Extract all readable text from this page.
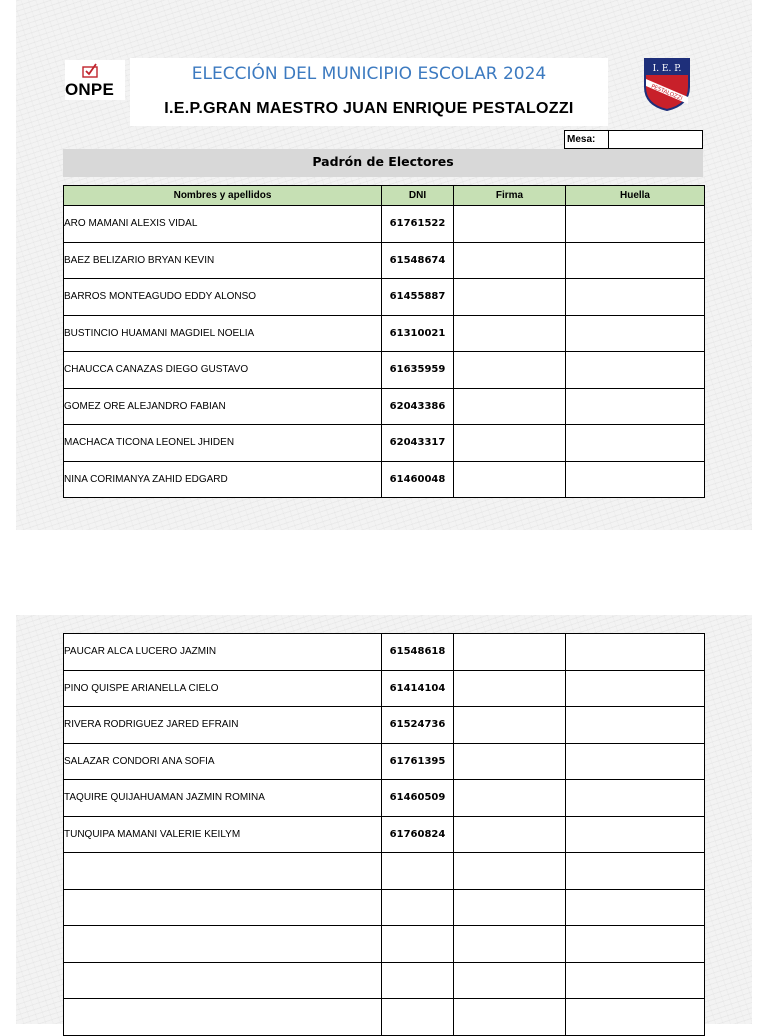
ONPE
ELECCIÓN DEL MUNICIPIO ESCOLAR 2024
I.E.P.GRAN MAESTRO JUAN ENRIQUE PESTALOZZI
I. E. P.
PESTALOZZI
Mesa:
Padrón de Electores
Nombres y apellidos	DNI	Firma	Huella
ARO MAMANI ALEXIS VIDAL	61761522		
BAEZ BELIZARIO BRYAN KEVIN	61548674		
BARROS MONTEAGUDO EDDY ALONSO	61455887		
BUSTINCIO HUAMANI MAGDIEL NOELIA	61310021		
CHAUCCA CANAZAS DIEGO GUSTAVO	61635959		
GOMEZ ORE ALEJANDRO FABIAN	62043386		
MACHACA TICONA LEONEL JHIDEN	62043317		
NINA CORIMANYA ZAHID EDGARD	61460048		
PAUCAR ALCA LUCERO JAZMIN	61548618		
PINO QUISPE ARIANELLA CIELO	61414104		
RIVERA RODRIGUEZ JARED EFRAIN	61524736		
SALAZAR CONDORI ANA SOFIA	61761395		
TAQUIRE QUIJAHUAMAN JAZMIN ROMINA	61460509		
TUNQUIPA MAMANI VALERIE KEILYM	61760824		
